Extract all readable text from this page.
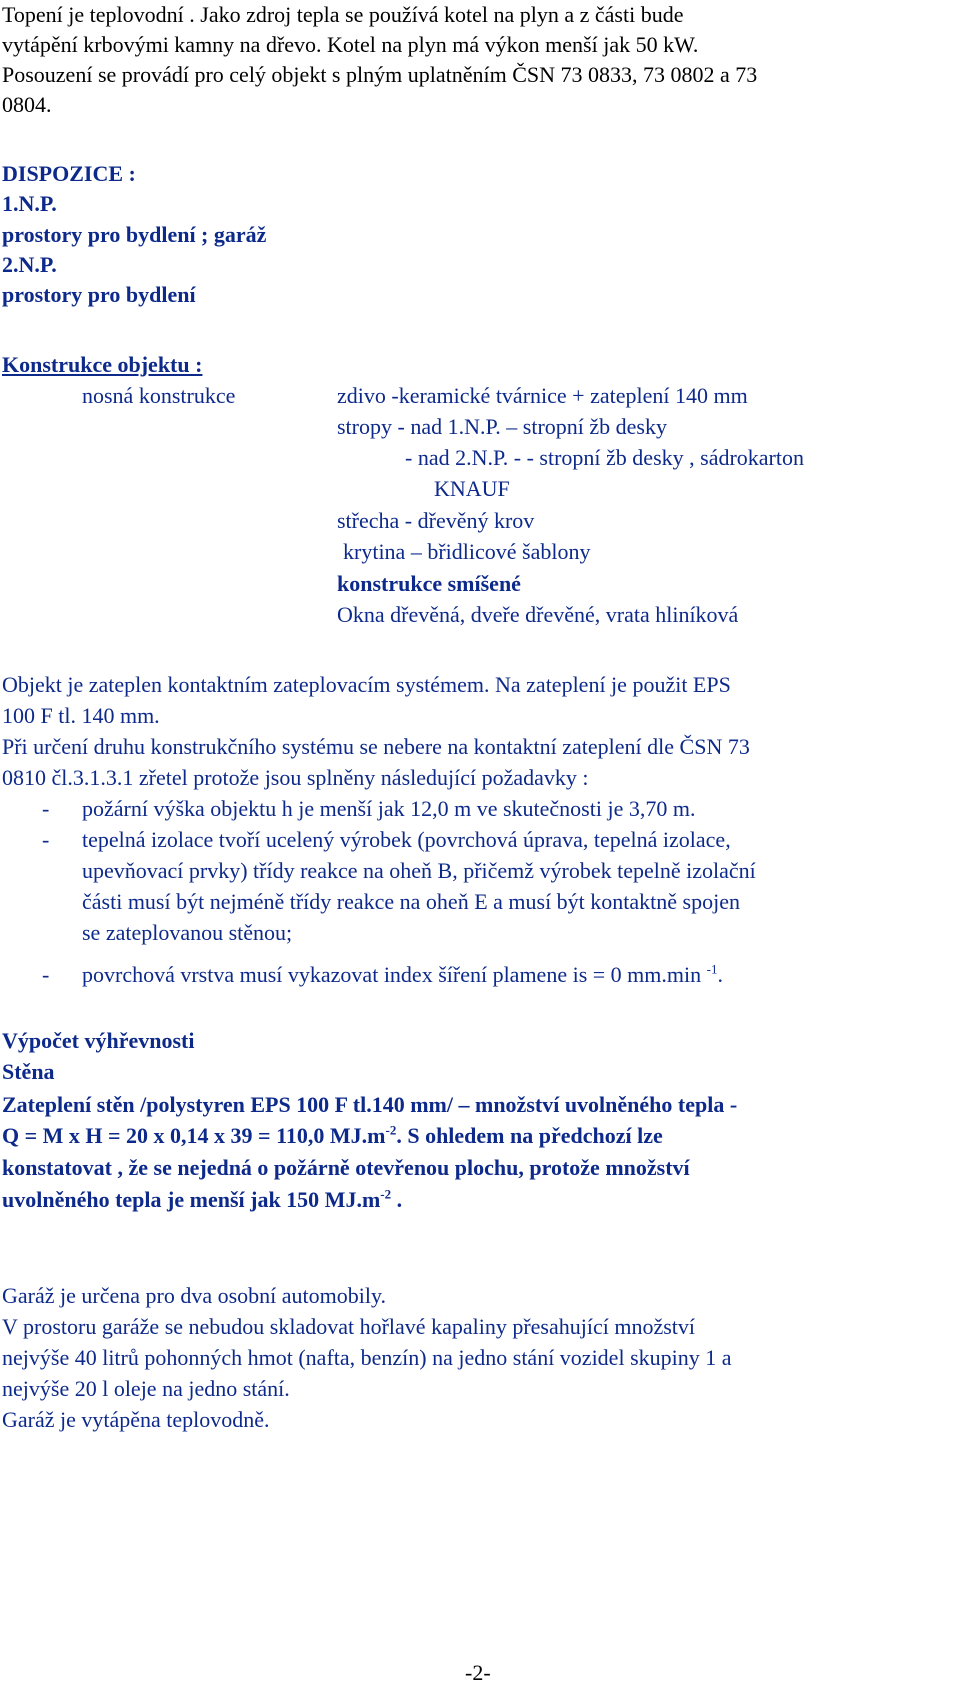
Topení je teplovodní . Jako zdroj tepla se používá kotel na plyn a z části bude
vytápění krbovými kamny na dřevo. Kotel na plyn má výkon menší jak 50 kW.
Posouzení se provádí pro celý objekt s plným uplatněním ČSN 73 0833, 73 0802 a 73
0804.
DISPOZICE :
1.N.P.
prostory pro bydlení ; garáž
2.N.P.
prostory pro bydlení
Konstrukce objektu :
nosná konstrukce	zdivo -keramické tvárnice + zateplení 140 mm
stropy - nad 1.N.P. – stropní žb desky
- nad 2.N.P. - - stropní žb desky , sádrokarton
KNAUF
střecha - dřevěný krov
krytina – břidlicové šablony
konstrukce smíšené
Okna dřevěná, dveře dřevěné, vrata hliníková
Objekt je zateplen kontaktním zateplovacím systémem. Na zateplení je použit EPS
100 F tl. 140 mm.
Při určení druhu konstrukčního systému se nebere na kontaktní zateplení dle ČSN 73
0810 čl.3.1.3.1 zřetel protože jsou splněny následující požadavky :
- požární výška objektu h je menší jak 12,0 m ve skutečnosti je 3,70 m.
- tepelná izolace tvoří ucelený výrobek (povrchová úprava, tepelná izolace,
upevňovací prvky) třídy reakce na oheň B, přičemž výrobek tepelně izolační
části musí být nejméně třídy reakce na oheň E a musí být kontaktně spojen
se zateplovanou stěnou;
- povrchová vrstva musí vykazovat index šíření plamene is = 0 mm.min $^{-1}$.
Výpočet výhřevnosti
Stěna
Zateplení stěn /polystyren EPS 100 F tl.140 mm/ – množství uvolněného tepla -
Q = M x H = 20 x 0,14 x 39 = 110,0 $MJ.m^{-2}$. S ohledem na předchozí lze
konstatovat , že se nejedná o požárně otevřenou plochu, protože množství
uvolněného tepla je menší jak 150 $MJ.m^{-2}$ .
Garáž je určena pro dva osobní automobily.
V prostoru garáže se nebudou skladovat hořlavé kapaliny přesahující množství
nejvýše 40 litrů pohonných hmot (nafta, benzín) na jedno stání vozidel skupiny 1 a
nejvýše 20 l oleje na jedno stání.
Garáž je vytápěna teplovodně.
-2-
